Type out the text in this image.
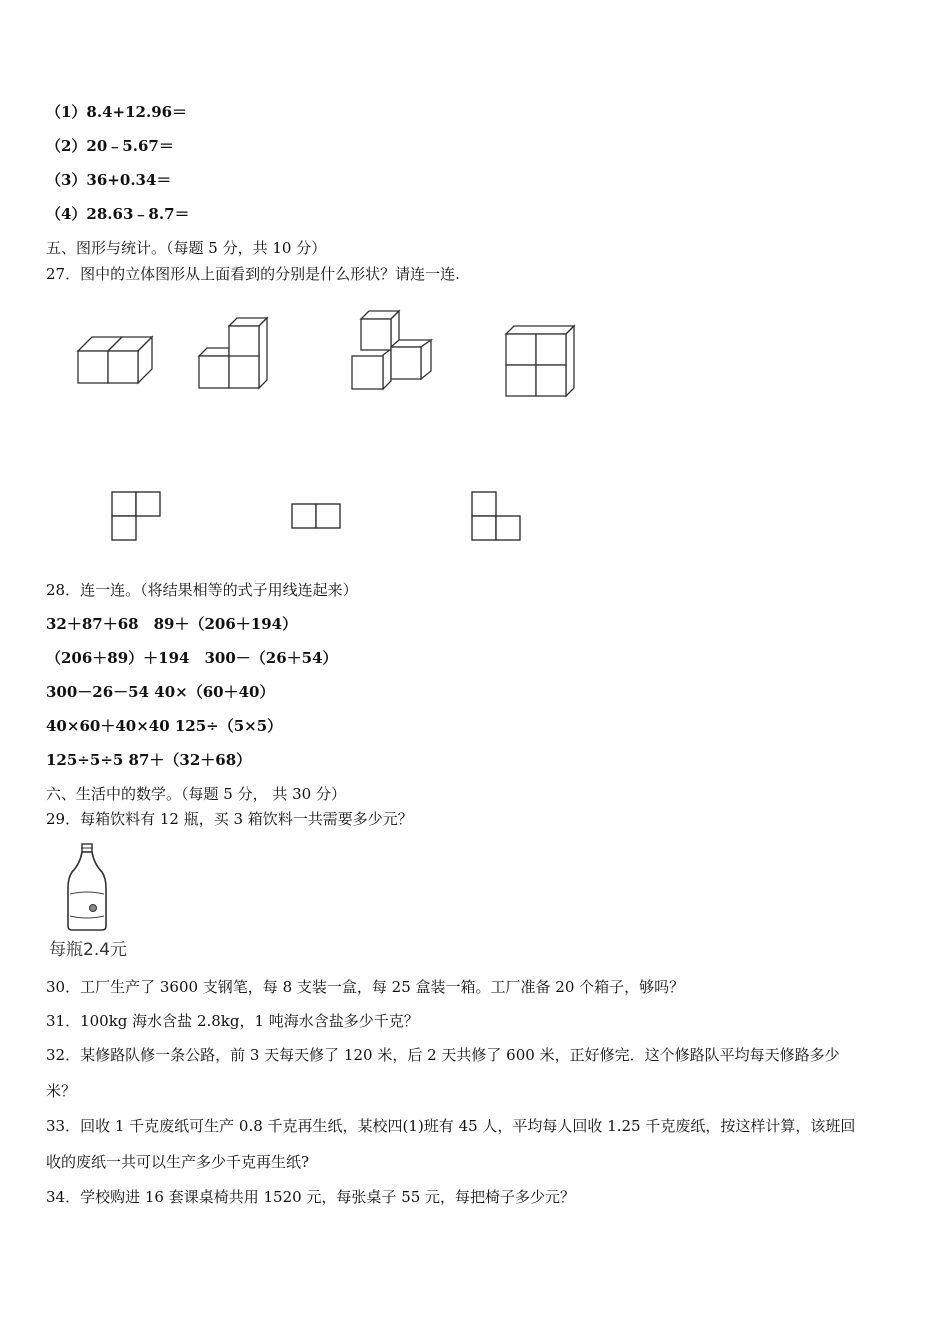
（1）8.4+12.96＝
（2）20﹣5.67＝
（3）36+0.34＝
（4）28.63﹣8.7＝
五、图形与统计。（每题 5 分，共 10 分）
27．图中的立体图形从上面看到的分别是什么形状？请连一连.
28．连一连。（将结果相等的式子用线连起来）
32＋87＋68　89＋（206＋194）
（206＋89）＋194　300－（26＋54）
300－26－54 40×（60＋40）
40×60＋40×40 125÷（5×5）
125÷5÷5 87＋（32＋68）
六、生活中的数学。（每题 5 分， 共 30 分）
29．每箱饮料有 12 瓶，买 3 箱饮料一共需要多少元？
每瓶2.4元
30．工厂生产了 3600 支钢笔，每 8 支装一盒，每 25 盒装一箱。工厂准备 20 个箱子，够吗？
31．100kg 海水含盐 2.8kg，1 吨海水含盐多少千克？
32．某修路队修一条公路，前 3 天每天修了 120 米，后 2 天共修了 600 米，正好修完．这个修路队平均每天修路多少
米？
33．回收 1 千克废纸可生产 0.8 千克再生纸，某校四(1)班有 45 人，平均每人回收 1.25 千克废纸，按这样计算，该班回
收的废纸一共可以生产多少千克再生纸?
34．学校购进 16 套课桌椅共用 1520 元，每张桌子 55 元，每把椅子多少元？
